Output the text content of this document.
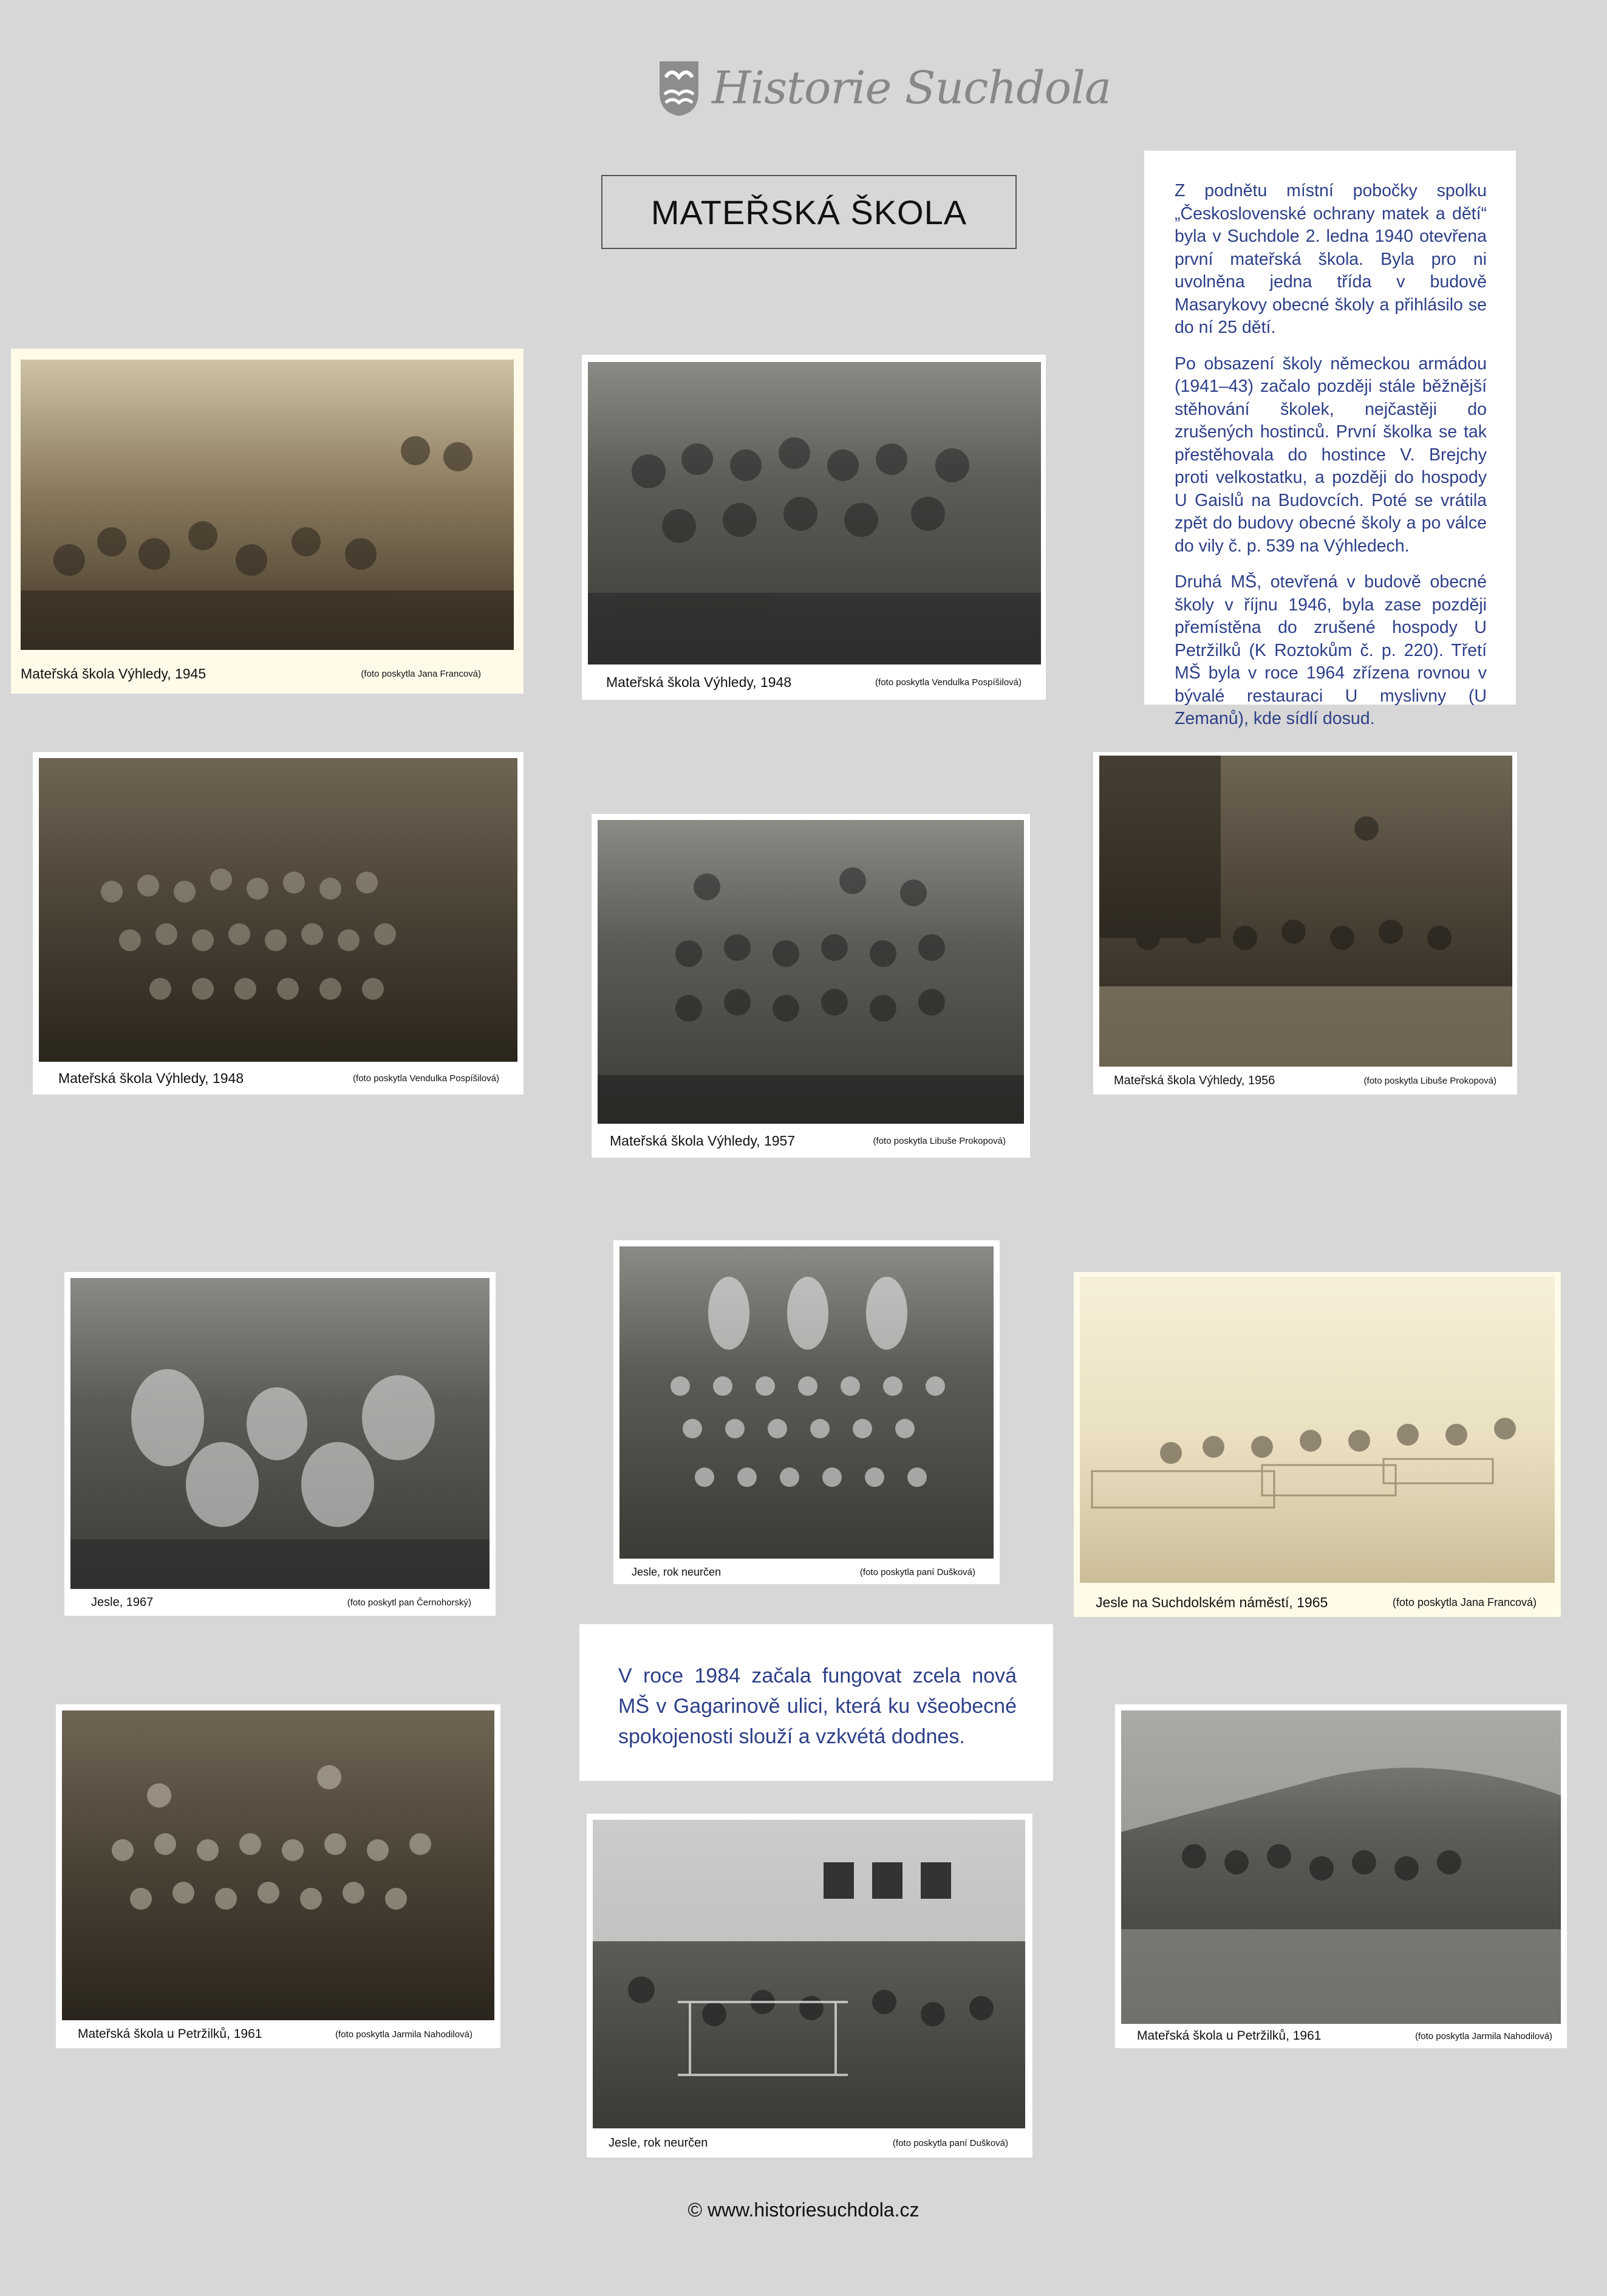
Historie Suchdola
MATEŘSKÁ ŠKOLA

Z podnětu místní pobočky spolku „Československé ochrany matek a dětí“ byla v Suchdole 2. ledna 1940 otevřena první mateřská škola. Byla pro ni uvolněna jedna třída v budově Masarykovy obecné školy a přihlásilo se do ní 25 dětí.

Po obsazení školy německou armádou (1941–43) začalo později stále běžnější stěhování školek, nejčastěji do zrušených hostinců. První školka se tak přestěhovala do hostince V. Brejchy proti velkostatku, a později do hospody U Gaislů na Budovcích. Poté se vrátila zpět do budovy obecné školy a po válce do vily č. p. 539 na Výhledech.

Druhá MŠ, otevřená v budově obecné školy v říjnu 1946, byla zase později přemístěna do zrušené hospody U Petržilků (K Roztokům č. p. 220). Třetí MŠ byla v roce 1964 zřízena rovnou v bývalé restauraci U myslivny (U Zemanů), kde sídlí dosud.

Mateřská škola Výhledy, 1945	(foto poskytla Jana Francová)
Mateřská škola Výhledy, 1948	(foto poskytla Vendulka Pospíšilová)
Mateřská škola Výhledy, 1948	(foto poskytla Vendulka Pospíšilová)
Mateřská škola Výhledy, 1957	(foto poskytla Libuše Prokopová)
Mateřská škola Výhledy, 1956	(foto poskytla Libuše Prokopová)
Jesle, 1967	(foto poskytl pan Černohorský)
Jesle, rok neurčen	(foto poskytla paní Dušková)
Jesle na Suchdolském náměstí, 1965	(foto poskytla Jana Francová)
V roce 1984 začala fungovat zcela nová MŠ v Gagarinově ulici, která ku všeobecné spokojenosti slouží a vzkvétá dodnes.
Mateřská škola u Petržilků, 1961	(foto poskytla Jarmila Nahodilová)
Jesle, rok neurčen	(foto poskytla paní Dušková)
Mateřská škola u Petržilků, 1961	(foto poskytla Jarmila Nahodilová)
© www.historiesuchdola.cz
